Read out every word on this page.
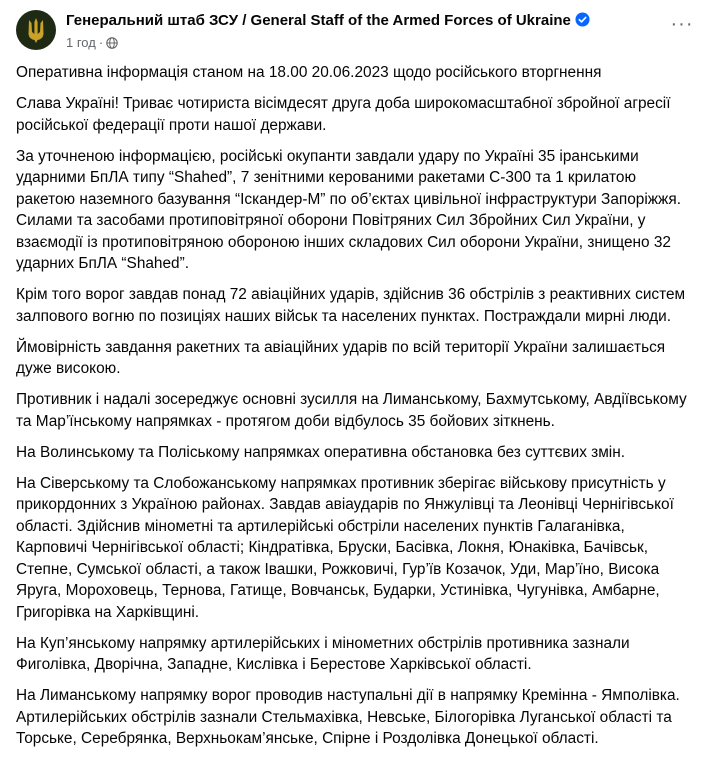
Генеральний штаб ЗСУ / General Staff of the Armed Forces of Ukraine
1 год ·
···

Оперативна інформація станом на 18.00 20.06.2023 щодо російського вторгнення

Слава Україні! Триває чотириста вісімдесят друга доба широкомасштабної збройної агресії російської федерації проти нашої держави.

За уточненою інформацією, російські окупанти завдали удару по Україні 35 іранськими ударними БпЛА типу “Shahed”, 7 зенітними керованими ракетами С-300 та 1 крилатою ракетою наземного базування “Іскандер-М” по об’єктах цивільної інфраструктури Запоріжжя.
Силами та засобами протиповітряної оборони Повітряних Сил Збройних Сил України, у взаємодії із протиповітряною обороною інших складових Сил оборони України, знищено 32 ударних БпЛА “Shahed”.

Крім того ворог завдав понад 72 авіаційних ударів, здійснив 36 обстрілів з реактивних систем залпового вогню по позиціях наших військ та населених пунктах. Постраждали мирні люди.

Ймовірність завдання ракетних та авіаційних ударів по всій території України залишається дуже високою.

Противник і надалі зосереджує основні зусилля на Лиманському, Бахмутському, Авдіївському та Мар’їнському напрямках - протягом доби відбулось 35 бойових зіткнень.

На Волинському та Поліському напрямках оперативна обстановка без суттєвих змін.

На Сіверському та Слобожанському напрямках противник зберігає військову присутність у прикордонних з Україною районах. Завдав авіаударів по Янжулівці та Леонівці Чернігівської області. Здійснив мінометні та артилерійські обстріли населених пунктів Галаганівка, Карповичі Чернігівської області; Кіндратівка, Бруски, Басівка, Локня, Юнаківка, Бачівськ, Степне, Сумської області, а також Івашки, Рожковичі, Гур’їв Козачок, Уди, Мар’їно, Висока Яруга, Мороховець, Тернова, Гатище, Вовчанськ, Бударки, Устинівка, Чугунівка, Амбарне, Григорівка на Харківщині.

На Куп’янському напрямку артилерійських і мінометних обстрілів противника зазнали Фиголівка, Дворічна, Западне, Кислівка і Берестове Харківської області.

На Лиманському напрямку ворог проводив наступальні дії в напрямку Кремінна - Ямполівка. Артилерійських обстрілів зазнали Стельмахівка, Невське, Білогорівка Луганської області та Торське, Серебрянка, Верхньокам’янське, Спірне і Роздолівка Донецької області.
